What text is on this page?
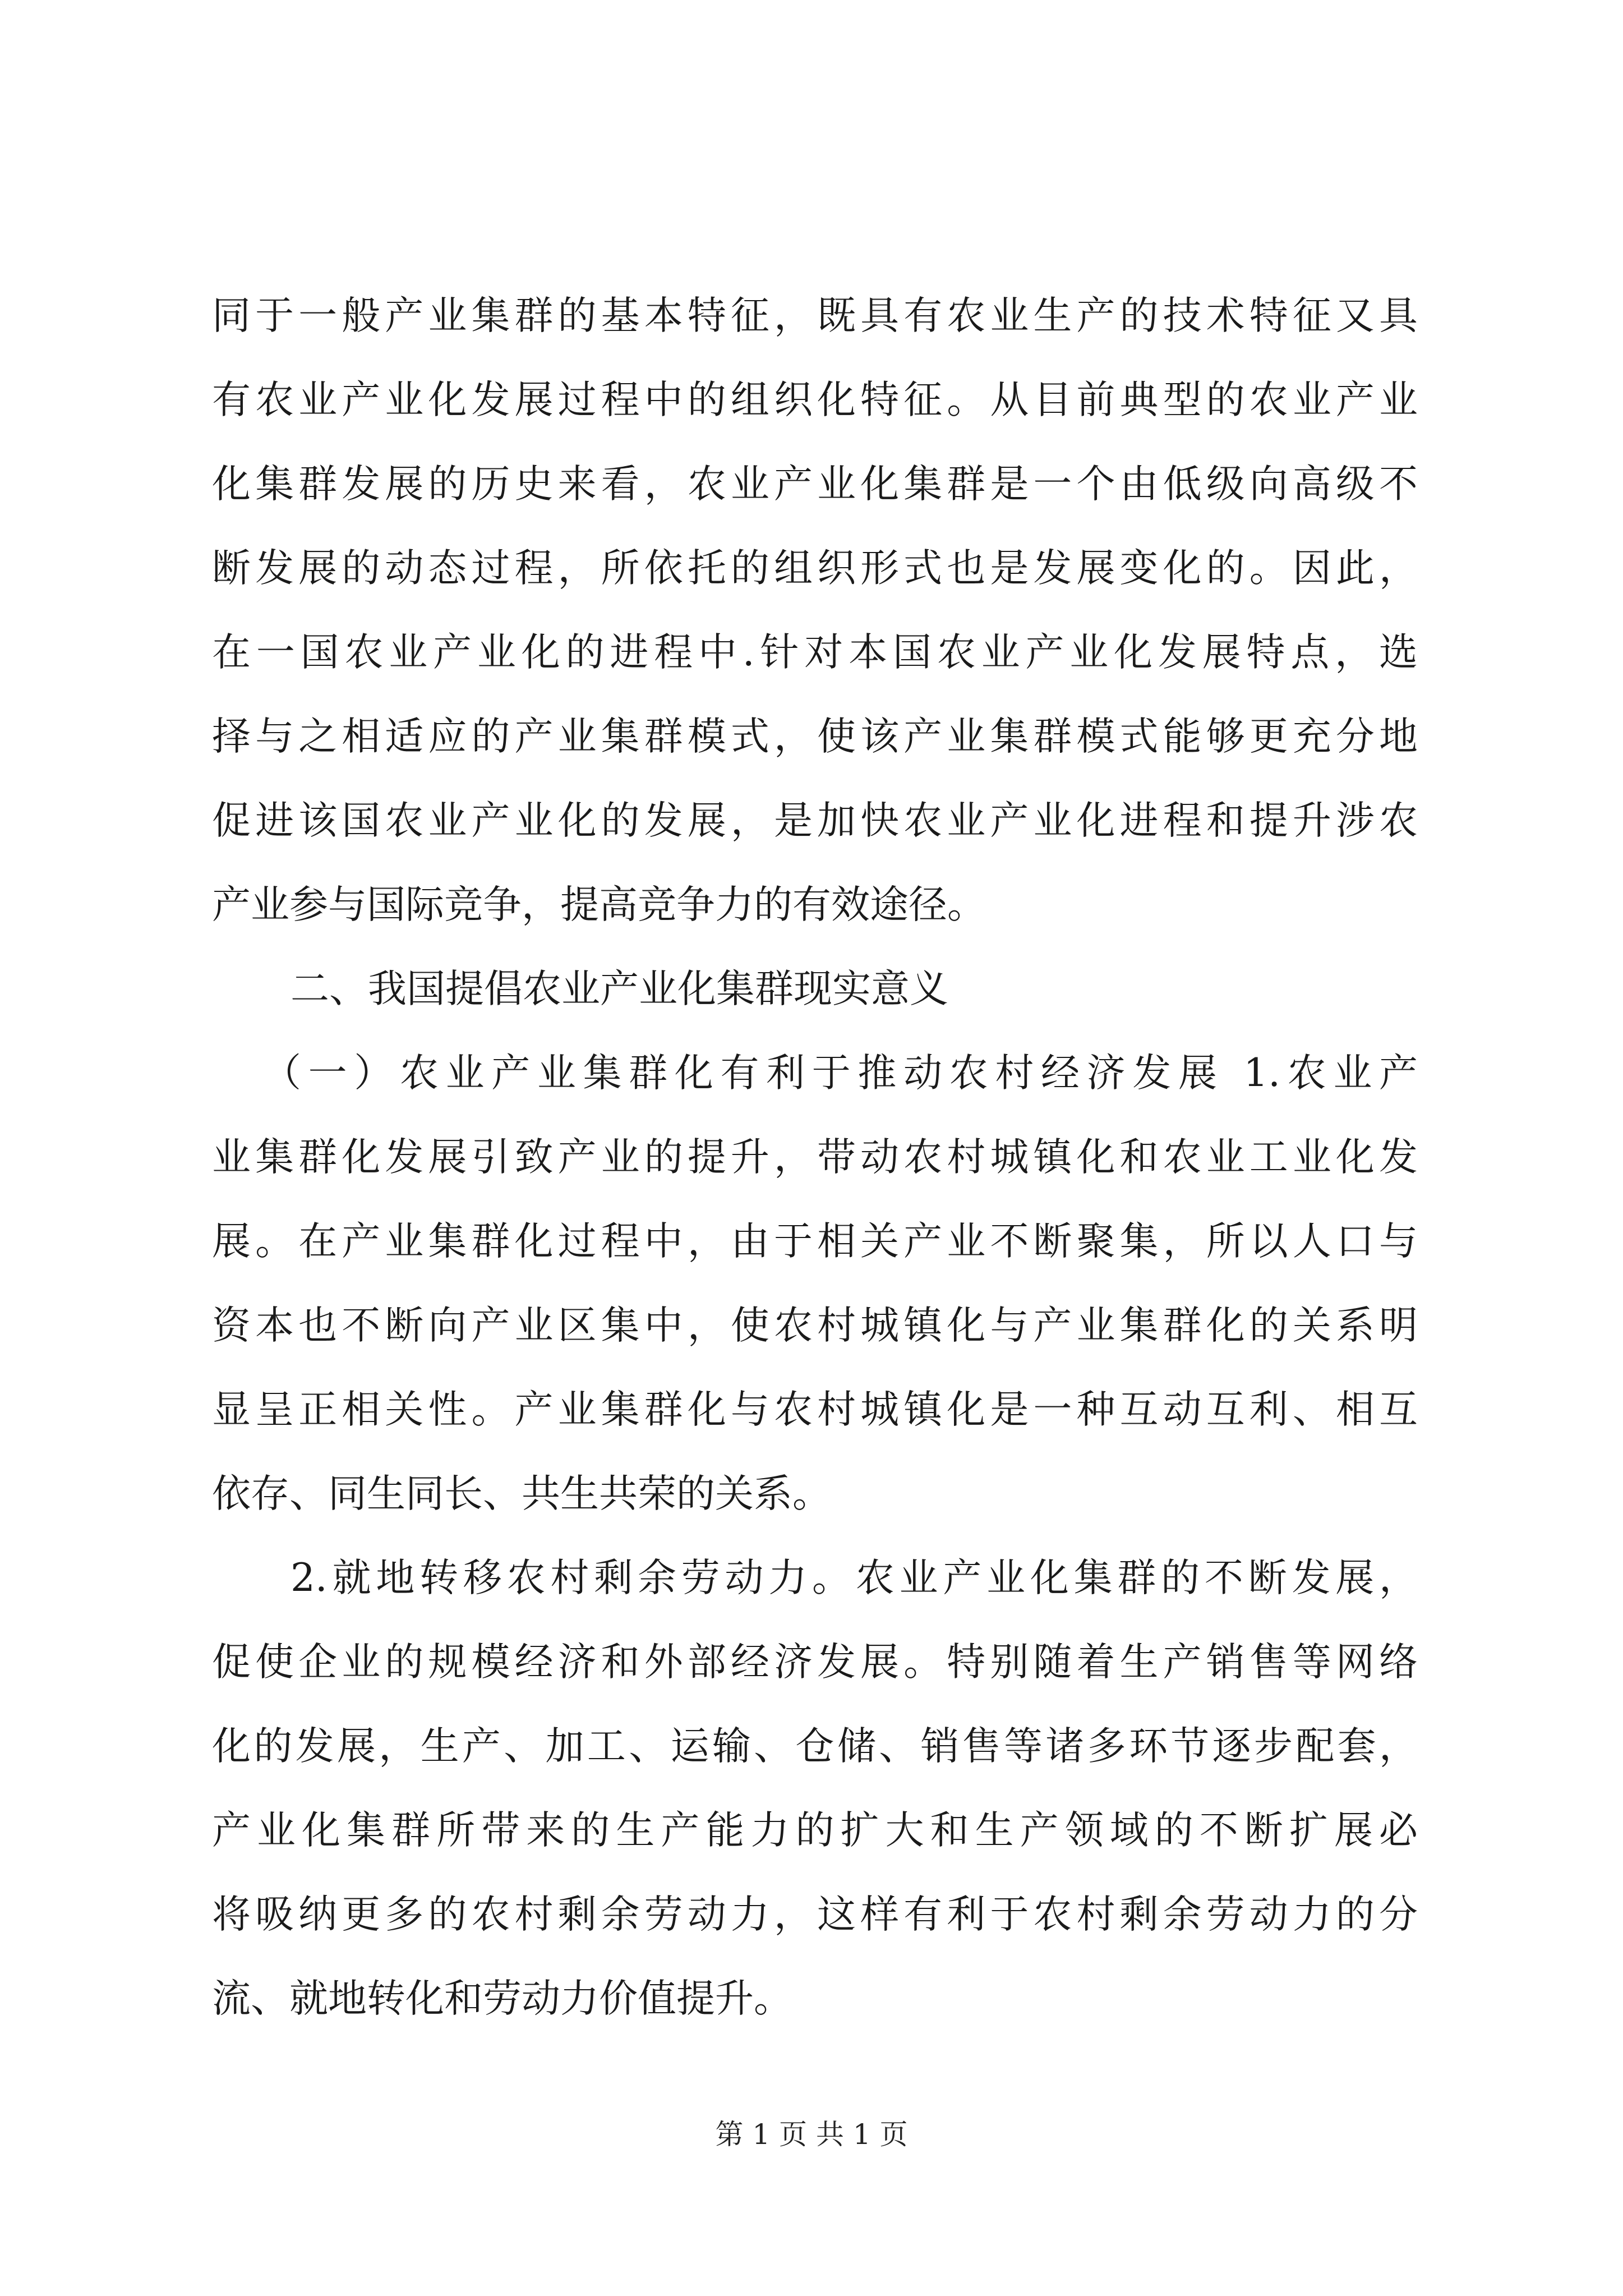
同于一般产业集群的基本特征，既具有农业生产的技术特征又具
有农业产业化发展过程中的组织化特征。从目前典型的农业产业
化集群发展的历史来看，农业产业化集群是一个由低级向高级不
断发展的动态过程，所依托的组织形式也是发展变化的。因此，
在一国农业产业化的进程中.针对本国农业产业化发展特点，选
择与之相适应的产业集群模式，使该产业集群模式能够更充分地
促进该国农业产业化的发展，是加快农业产业化进程和提升涉农
产业参与国际竞争，提高竞争力的有效途径。
二、我国提倡农业产业化集群现实意义
（一）农业产业集群化有利于推动农村经济发展 1.农业产
业集群化发展引致产业的提升，带动农村城镇化和农业工业化发
展。在产业集群化过程中，由于相关产业不断聚集，所以人口与
资本也不断向产业区集中，使农村城镇化与产业集群化的关系明
显呈正相关性。产业集群化与农村城镇化是一种互动互利、相互
依存、同生同长、共生共荣的关系。
2.就地转移农村剩余劳动力。农业产业化集群的不断发展，
促使企业的规模经济和外部经济发展。特别随着生产销售等网络
化的发展，生产、加工、运输、仓储、销售等诸多环节逐步配套，
产业化集群所带来的生产能力的扩大和生产领域的不断扩展必
将吸纳更多的农村剩余劳动力，这样有利于农村剩余劳动力的分
流、就地转化和劳动力价值提升。
第 1 页 共 1 页
